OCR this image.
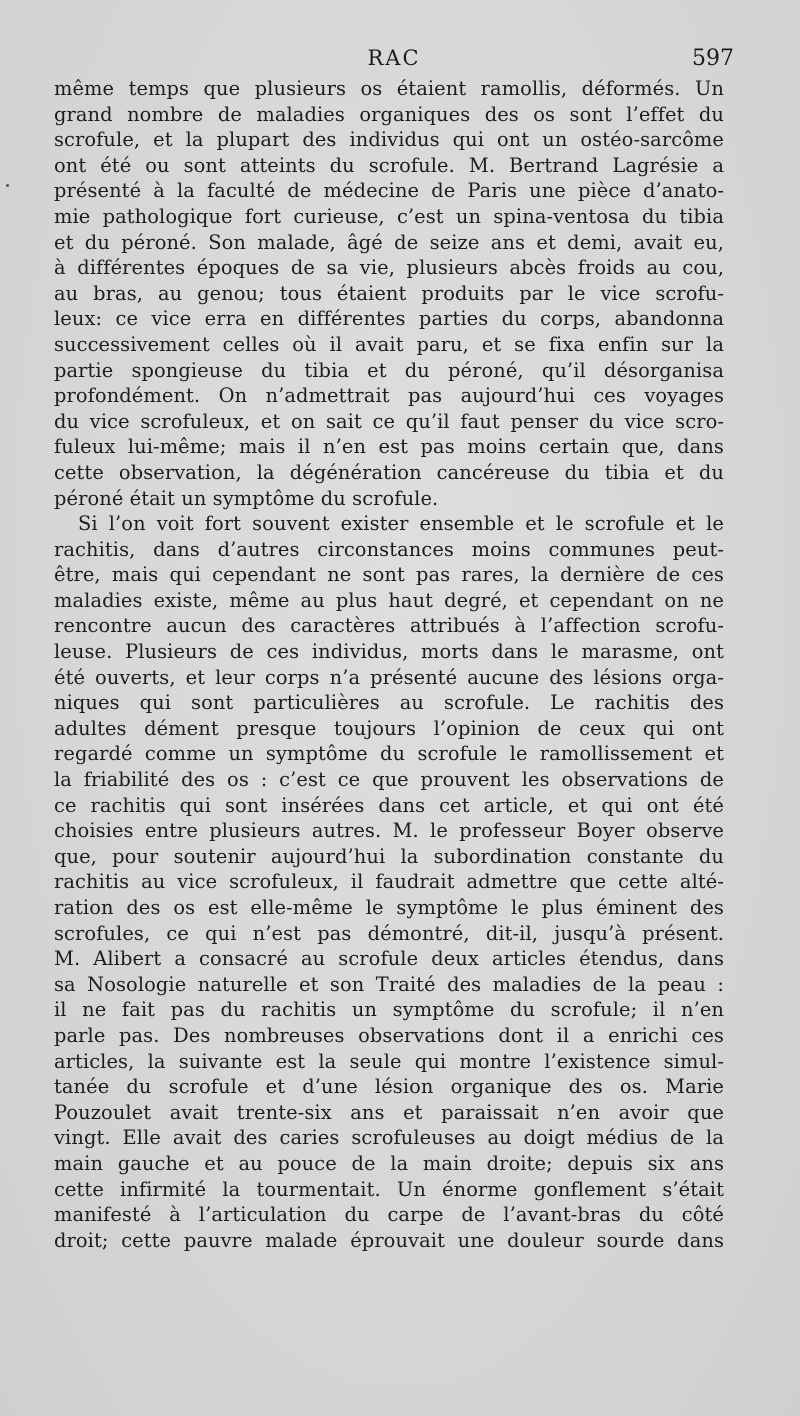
RAC	597
même temps que plusieurs os étaient ramollis, déformés. Un
grand nombre de maladies organiques des os sont l’effet du
scrofule, et la plupart des individus qui ont un ostéo-sarcôme
ont été ou sont atteints du scrofule. M. Bertrand Lagrésie a
présenté à la faculté de médecine de Paris une pièce d’anato-
mie pathologique fort curieuse, c’est un spina-ventosa du tibia
et du péroné. Son malade, âgé de seize ans et demi, avait eu,
à différentes époques de sa vie, plusieurs abcès froids au cou,
au bras, au genou; tous étaient produits par le vice scrofu-
leux: ce vice erra en différentes parties du corps, abandonna
successivement celles où il avait paru, et se fixa enfin sur la
partie spongieuse du tibia et du péroné, qu’il désorganisa
profondément. On n’admettrait pas aujourd’hui ces voyages
du vice scrofuleux, et on sait ce qu’il faut penser du vice scro-
fuleux lui-même; mais il n’en est pas moins certain que, dans
cette observation, la dégénération cancéreuse du tibia et du
péroné était un symptôme du scrofule.
Si l’on voit fort souvent exister ensemble et le scrofule et le
rachitis, dans d’autres circonstances moins communes peut-
être, mais qui cependant ne sont pas rares, la dernière de ces
maladies existe, même au plus haut degré, et cependant on ne
rencontre aucun des caractères attribués à l’affection scrofu-
leuse. Plusieurs de ces individus, morts dans le marasme, ont
été ouverts, et leur corps n’a présenté aucune des lésions orga-
niques qui sont particulières au scrofule. Le rachitis des
adultes dément presque toujours l’opinion de ceux qui ont
regardé comme un symptôme du scrofule le ramollissement et
la friabilité des os : c’est ce que prouvent les observations de
ce rachitis qui sont insérées dans cet article, et qui ont été
choisies entre plusieurs autres. M. le professeur Boyer observe
que, pour soutenir aujourd’hui la subordination constante du
rachitis au vice scrofuleux, il faudrait admettre que cette alté-
ration des os est elle-même le symptôme le plus éminent des
scrofules, ce qui n’est pas démontré, dit-il, jusqu’à présent.
M. Alibert a consacré au scrofule deux articles étendus, dans
sa Nosologie naturelle et son Traité des maladies de la peau :
il ne fait pas du rachitis un symptôme du scrofule; il n’en
parle pas. Des nombreuses observations dont il a enrichi ces
articles, la suivante est la seule qui montre l’existence simul-
tanée du scrofule et d’une lésion organique des os. Marie
Pouzoulet avait trente-six ans et paraissait n’en avoir que
vingt. Elle avait des caries scrofuleuses au doigt médius de la
main gauche et au pouce de la main droite; depuis six ans
cette infirmité la tourmentait. Un énorme gonflement s’était
manifesté à l’articulation du carpe de l’avant-bras du côté
droit; cette pauvre malade éprouvait une douleur sourde dans
